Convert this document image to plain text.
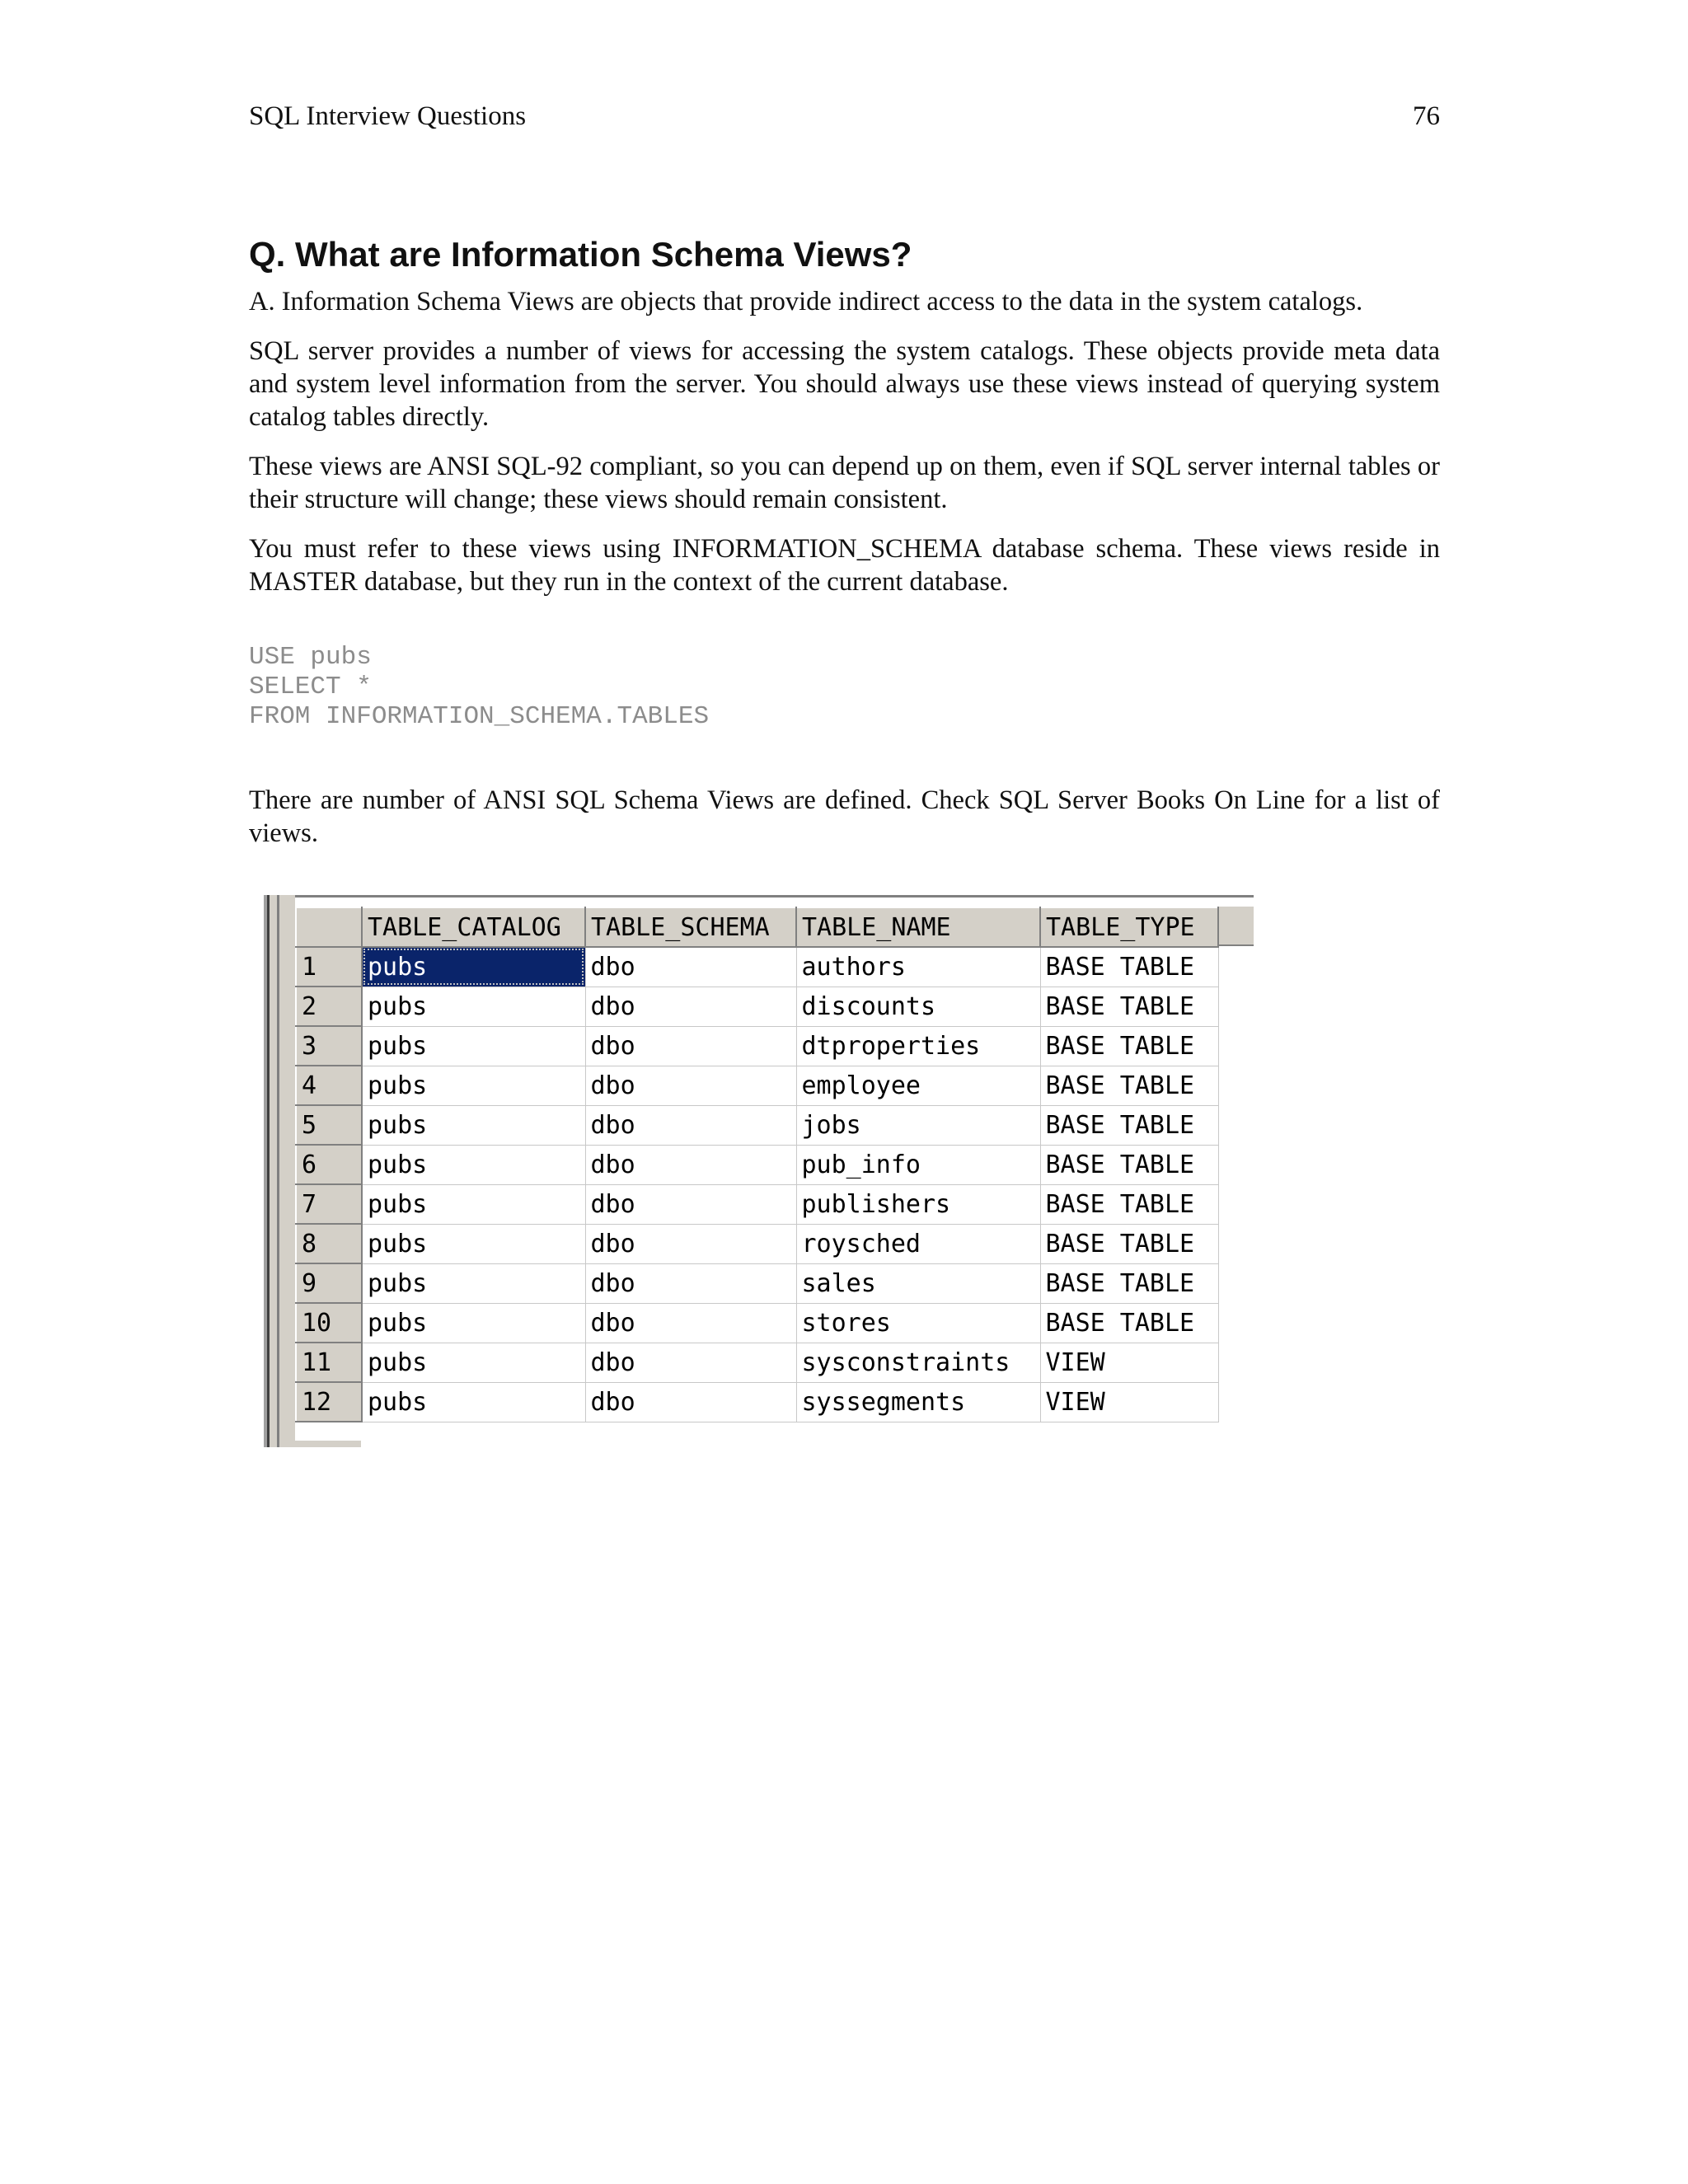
SQL Interview Questions	76
Q. What are Information Schema Views?

A. Information Schema Views are objects that provide indirect access to the data in the system catalogs.

SQL server provides a number of views for accessing the system catalogs. These objects provide meta data and system level information from the server. You should always use these views instead of querying system catalog tables directly.

These views are ANSI SQL-92 compliant, so you can depend up on them, even if SQL server internal tables or their structure will change; these views should remain consistent.

You must refer to these views using INFORMATION_SCHEMA database schema. These views reside in MASTER database, but they run in the context of the current database.

USE pubs
SELECT *
FROM INFORMATION_SCHEMA.TABLES

There are number of ANSI SQL Schema Views are defined. Check SQL Server Books On Line for a list of views.

	TABLE_CATALOG	TABLE_SCHEMA	TABLE_NAME	TABLE_TYPE
1	pubs	dbo	authors	BASE TABLE
2	pubs	dbo	discounts	BASE TABLE
3	pubs	dbo	dtproperties	BASE TABLE
4	pubs	dbo	employee	BASE TABLE
5	pubs	dbo	jobs	BASE TABLE
6	pubs	dbo	pub_info	BASE TABLE
7	pubs	dbo	publishers	BASE TABLE
8	pubs	dbo	roysched	BASE TABLE
9	pubs	dbo	sales	BASE TABLE
10	pubs	dbo	stores	BASE TABLE
11	pubs	dbo	sysconstraints	VIEW
12	pubs	dbo	syssegments	VIEW
